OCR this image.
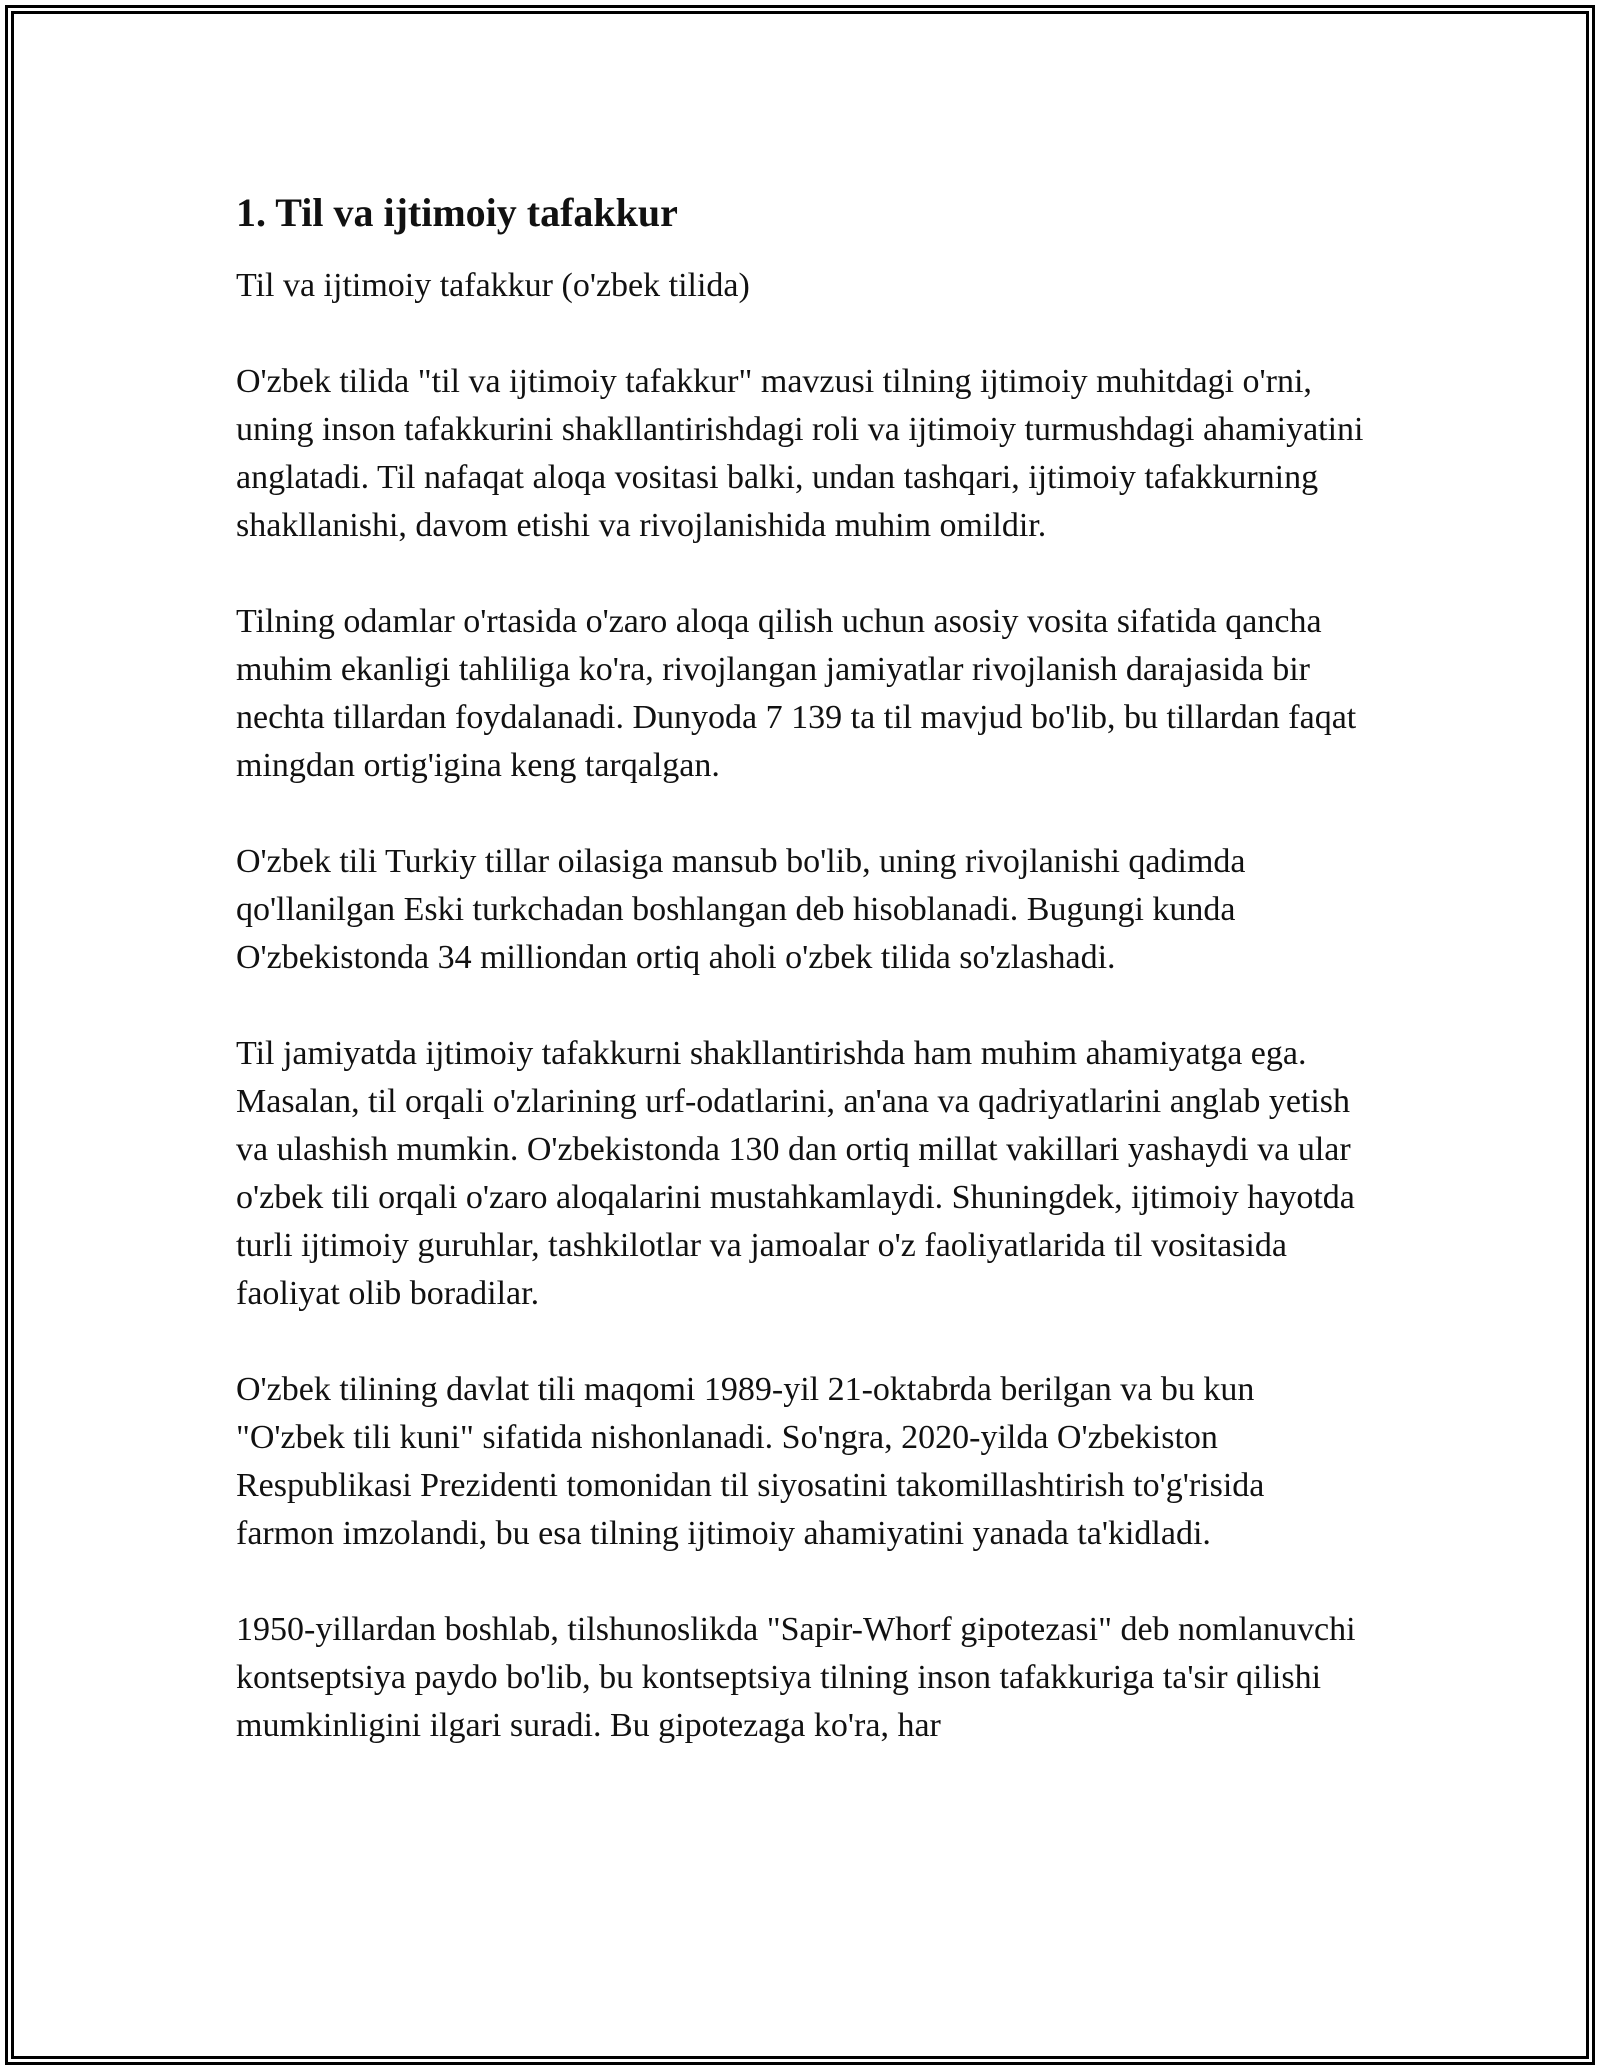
1. Til va ijtimoiy tafakkur
Til va ijtimoiy tafakkur (o'zbek tilida)

O'zbek tilida "til va ijtimoiy tafakkur" mavzusi tilning ijtimoiy muhitdagi o'rni, uning inson tafakkurini shakllantirishdagi roli va ijtimoiy turmushdagi ahamiyatini anglatadi. Til nafaqat aloqa vositasi balki, undan tashqari, ijtimoiy tafakkurning shakllanishi, davom etishi va rivojlanishida muhim omildir.

Tilning odamlar o'rtasida o'zaro aloqa qilish uchun asosiy vosita sifatida qancha muhim ekanligi tahliliga ko'ra, rivojlangan jamiyatlar rivojlanish darajasida bir nechta tillardan foydalanadi. Dunyoda 7 139 ta til mavjud bo'lib, bu tillardan faqat mingdan ortig'igina keng tarqalgan.

O'zbek tili Turkiy tillar oilasiga mansub bo'lib, uning rivojlanishi qadimda qo'llanilgan Eski turkchadan boshlangan deb hisoblanadi. Bugungi kunda O'zbekistonda 34 milliondan ortiq aholi o'zbek tilida so'zlashadi.

Til jamiyatda ijtimoiy tafakkurni shakllantirishda ham muhim ahamiyatga ega. Masalan, til orqali o'zlarining urf-odatlarini, an'ana va qadriyatlarini anglab yetish va ulashish mumkin. O'zbekistonda 130 dan ortiq millat vakillari yashaydi va ular o'zbek tili orqali o'zaro aloqalarini mustahkamlaydi. Shuningdek, ijtimoiy hayotda turli ijtimoiy guruhlar, tashkilotlar va jamoalar o'z faoliyatlarida til vositasida faoliyat olib boradilar.

O'zbek tilining davlat tili maqomi 1989-yil 21-oktabrda berilgan va bu kun "O'zbek tili kuni" sifatida nishonlanadi. So'ngra, 2020-yilda O'zbekiston Respublikasi Prezidenti tomonidan til siyosatini takomillashtirish to'g'risida farmon imzolandi, bu esa tilning ijtimoiy ahamiyatini yanada ta'kidladi.

1950-yillardan boshlab, tilshunoslikda "Sapir-Whorf gipotezasi" deb nomlanuvchi kontseptsiya paydo bo'lib, bu kontseptsiya tilning inson tafakkuriga ta'sir qilishi mumkinligini ilgari suradi. Bu gipotezaga ko'ra, har
